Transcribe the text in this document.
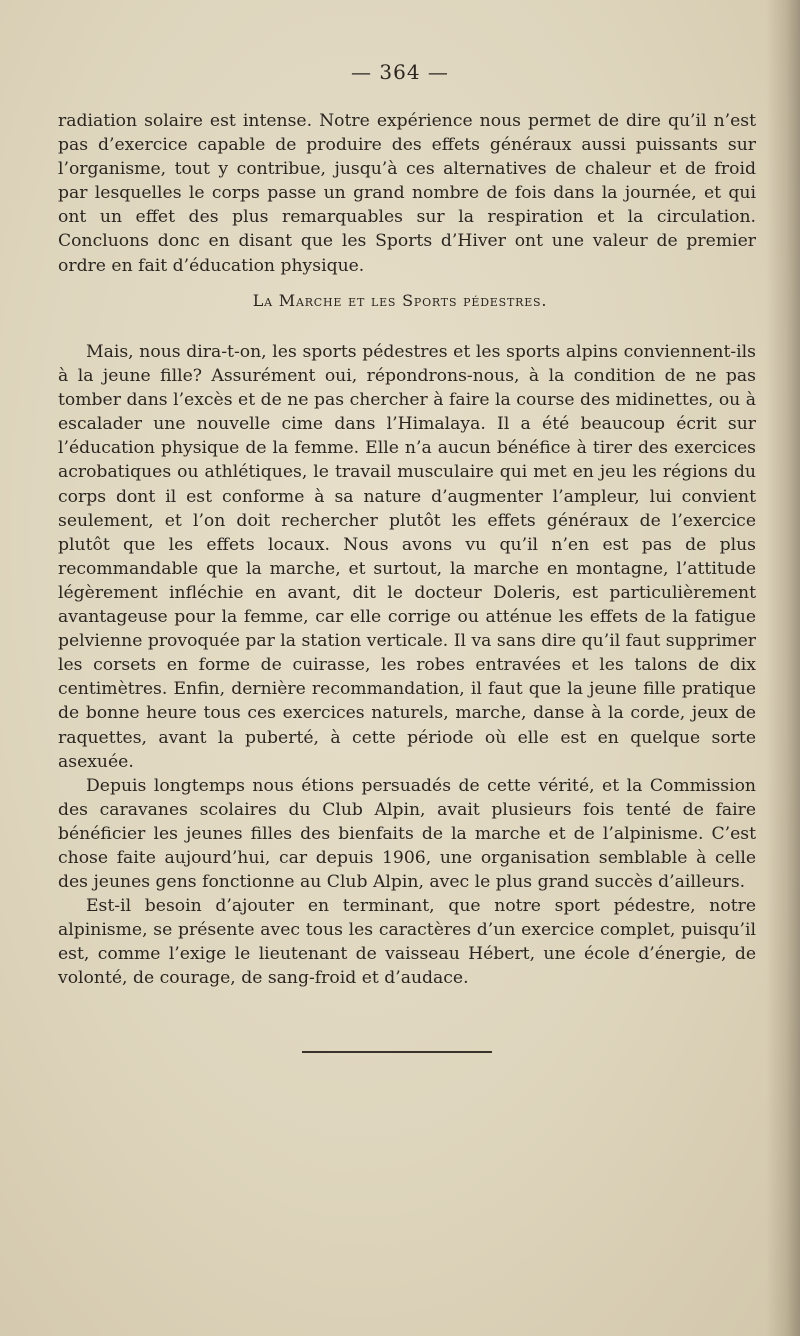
— 364 —

radiation solaire est intense. Notre expérience nous permet de dire qu’il n’est pas d’exercice capable de produire des effets généraux aussi puissants sur l’organisme, tout y contribue, jusqu’à ces alternatives de chaleur et de froid par lesquelles le corps passe un grand nombre de fois dans la journée, et qui ont un effet des plus remarquables sur la respiration et la circulation. Concluons donc en disant que les Sports d’Hiver ont une valeur de premier ordre en fait d’éducation physique.

La Marche et les Sports pédestres.

Mais, nous dira-t-on, les sports pédestres et les sports alpins conviennent-ils à la jeune fille? Assurément oui, répondrons-nous, à la condition de ne pas tomber dans l’excès et de ne pas chercher à faire la course des midinettes, ou à escalader une nouvelle cime dans l’Himalaya. Il a été beaucoup écrit sur l’éducation physique de la femme. Elle n’a aucun bénéfice à tirer des exercices acrobatiques ou athlétiques, le travail musculaire qui met en jeu les régions du corps dont il est conforme à sa nature d’augmenter l’ampleur, lui convient seulement, et l’on doit rechercher plutôt les effets généraux de l’exercice plutôt que les effets locaux. Nous avons vu qu’il n’en est pas de plus recommandable que la marche, et surtout, la marche en montagne, l’attitude légèrement infléchie en avant, dit le docteur Doleris, est particulièrement avantageuse pour la femme, car elle corrige ou atténue les effets de la fatigue pelvienne provoquée par la station verticale. Il va sans dire qu’il faut supprimer les corsets en forme de cuirasse, les robes entravées et les talons de dix centimètres. Enfin, dernière recommandation, il faut que la jeune fille pratique de bonne heure tous ces exercices naturels, marche, danse à la corde, jeux de raquettes, avant la puberté, à cette période où elle est en quelque sorte asexuée.

Depuis longtemps nous étions persuadés de cette vérité, et la Commission des caravanes scolaires du Club Alpin, avait plusieurs fois tenté de faire bénéficier les jeunes filles des bienfaits de la marche et de l’alpinisme. C’est chose faite aujourd’hui, car depuis 1906, une organisation semblable à celle des jeunes gens fonctionne au Club Alpin, avec le plus grand succès d’ailleurs.

Est-il besoin d’ajouter en terminant, que notre sport pédestre, notre alpinisme, se présente avec tous les caractères d’un exercice complet, puisqu’il est, comme l’exige le lieutenant de vaisseau Hébert, une école d’énergie, de volonté, de courage, de sang-froid et d’audace.
